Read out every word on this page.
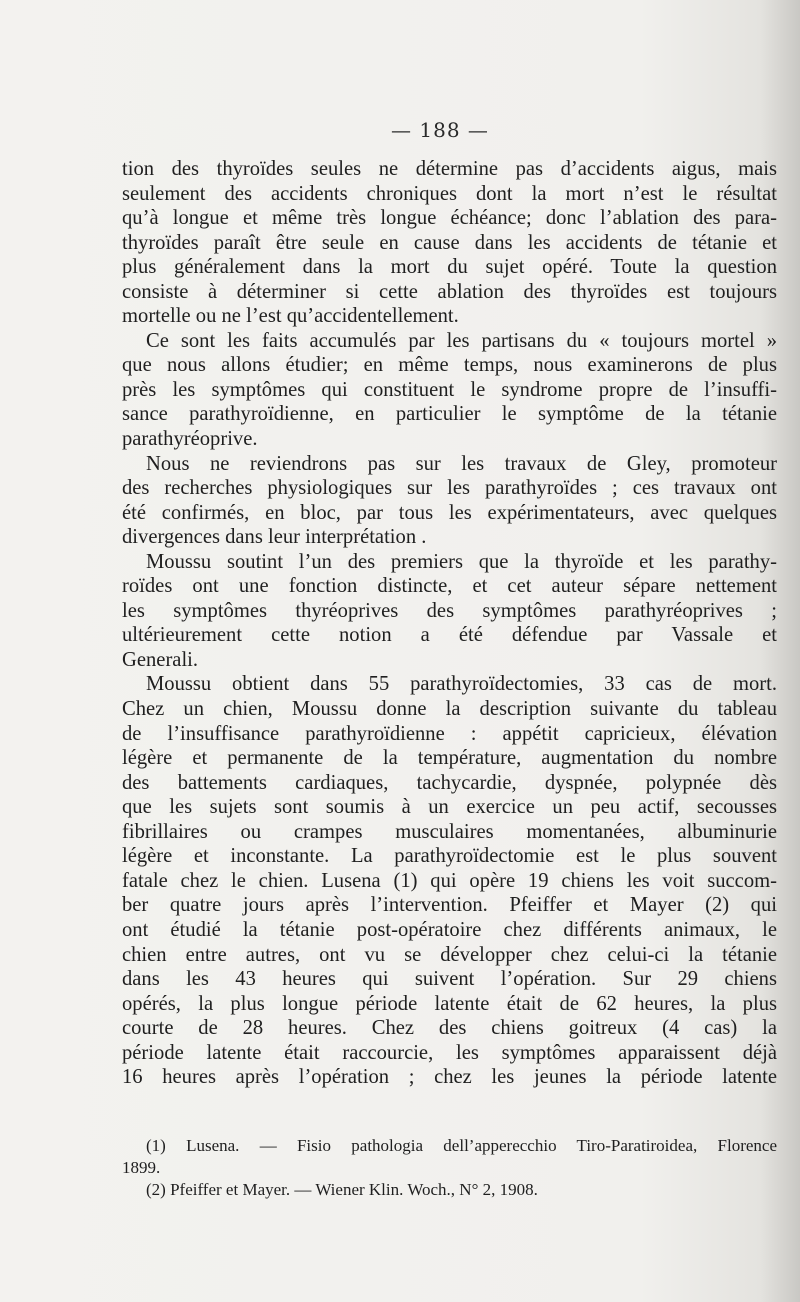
— 188 —
tion des thyroïdes seules ne détermine pas d’accidents aigus, mais
seulement des accidents chroniques dont la mort n’est le résultat
qu’à longue et même très longue échéance; donc l’ablation des para-
thyroïdes paraît être seule en cause dans les accidents de tétanie et
plus généralement dans la mort du sujet opéré. Toute la question
consiste à déterminer si cette ablation des thyroïdes est toujours
mortelle ou ne l’est qu’accidentellement.
Ce sont les faits accumulés par les partisans du « toujours mortel »
que nous allons étudier; en même temps, nous examinerons de plus
près les symptômes qui constituent le syndrome propre de l’insuffi-
sance parathyroïdienne, en particulier le symptôme de la tétanie
parathyréoprive.
Nous ne reviendrons pas sur les travaux de Gley, promoteur
des recherches physiologiques sur les parathyroïdes ; ces travaux ont
été confirmés, en bloc, par tous les expérimentateurs, avec quelques
divergences dans leur interprétation .
Moussu soutint l’un des premiers que la thyroïde et les parathy-
roïdes ont une fonction distincte, et cet auteur sépare nettement
les symptômes thyréoprives des symptômes parathyréoprives ;
ultérieurement cette notion a été défendue par Vassale et
Generali.
Moussu obtient dans 55 parathyroïdectomies, 33 cas de mort.
Chez un chien, Moussu donne la description suivante du tableau
de l’insuffisance parathyroïdienne : appétit capricieux, élévation
légère et permanente de la température, augmentation du nombre
des battements cardiaques, tachycardie, dyspnée, polypnée dès
que les sujets sont soumis à un exercice un peu actif, secousses
fibrillaires ou crampes musculaires momentanées, albuminurie
légère et inconstante. La parathyroïdectomie est le plus souvent
fatale chez le chien. Lusena (1) qui opère 19 chiens les voit succom-
ber quatre jours après l’intervention. Pfeiffer et Mayer (2) qui
ont étudié la tétanie post-opératoire chez différents animaux, le
chien entre autres, ont vu se développer chez celui-ci la tétanie
dans les 43 heures qui suivent l’opération. Sur 29 chiens
opérés, la plus longue période latente était de 62 heures, la plus
courte de 28 heures. Chez des chiens goitreux (4 cas) la
période latente était raccourcie, les symptômes apparaissent déjà
16 heures après l’opération ; chez les jeunes la période latente
(1) Lusena. — Fisio pathologia dell’apperecchio Tiro-Paratiroidea, Florence
1899.
(2) Pfeiffer et Mayer. — Wiener Klin. Woch., N° 2, 1908.
